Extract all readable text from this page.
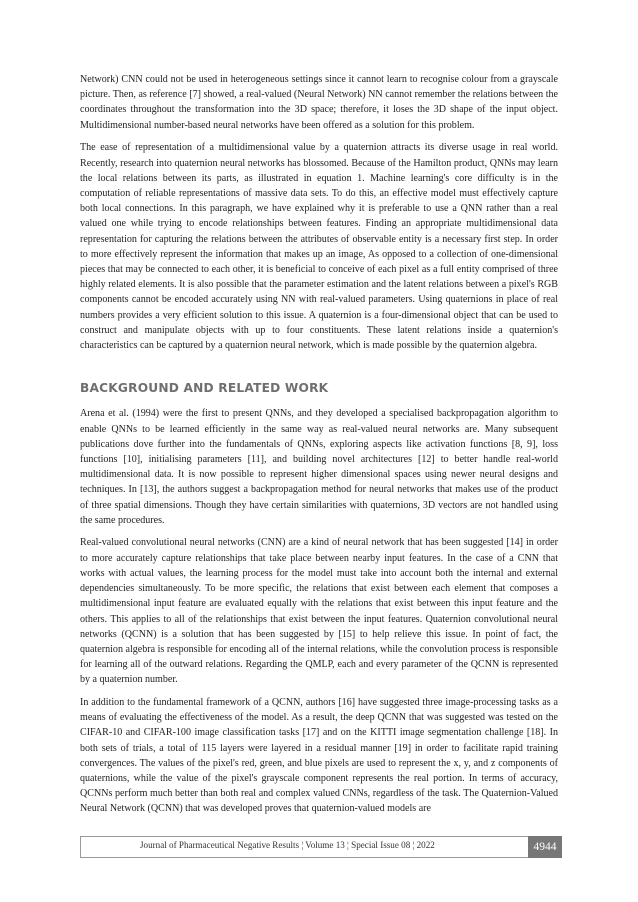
Network) CNN could not be used in heterogeneous settings since it cannot learn to recognise colour from a grayscale picture. Then, as reference [7] showed, a real-valued (Neural Network) NN cannot remember the relations between the coordinates throughout the transformation into the 3D space; therefore, it loses the 3D shape of the input object. Multidimensional number-based neural networks have been offered as a solution for this problem.

The ease of representation of a multidimensional value by a quaternion attracts its diverse usage in real world. Recently, research into quaternion neural networks has blossomed. Because of the Hamilton product, QNNs may learn the local relations between its parts, as illustrated in equation 1. Machine learning's core difficulty is in the computation of reliable representations of massive data sets. To do this, an effective model must effectively capture both local connections. In this paragraph, we have explained why it is preferable to use a QNN rather than a real valued one while trying to encode relationships between features. Finding an appropriate multidimensional data representation for capturing the relations between the attributes of observable entity is a necessary first step. In order to more effectively represent the information that makes up an image, As opposed to a collection of one-dimensional pieces that may be connected to each other, it is beneficial to conceive of each pixel as a full entity comprised of three highly related elements. It is also possible that the parameter estimation and the latent relations between a pixel's RGB components cannot be encoded accurately using NN with real-valued parameters. Using quaternions in place of real numbers provides a very efficient solution to this issue. A quaternion is a four-dimensional object that can be used to construct and manipulate objects with up to four constituents. These latent relations inside a quaternion's characteristics can be captured by a quaternion neural network, which is made possible by the quaternion algebra.

BACKGROUND AND RELATED WORK

Arena et al. (1994) were the first to present QNNs, and they developed a specialised backpropagation algorithm to enable QNNs to be learned efficiently in the same way as real-valued neural networks are. Many subsequent publications dove further into the fundamentals of QNNs, exploring aspects like activation functions [8, 9], loss functions [10], initialising parameters [11], and building novel architectures [12] to better handle real-world multidimensional data. It is now possible to represent higher dimensional spaces using newer neural designs and techniques. In [13], the authors suggest a backpropagation method for neural networks that makes use of the product of three spatial dimensions. Though they have certain similarities with quaternions, 3D vectors are not handled using the same procedures.

Real-valued convolutional neural networks (CNN) are a kind of neural network that has been suggested [14] in order to more accurately capture relationships that take place between nearby input features. In the case of a CNN that works with actual values, the learning process for the model must take into account both the internal and external dependencies simultaneously. To be more specific, the relations that exist between each element that composes a multidimensional input feature are evaluated equally with the relations that exist between this input feature and the others. This applies to all of the relationships that exist between the input features. Quaternion convolutional neural networks (QCNN) is a solution that has been suggested by [15] to help relieve this issue. In point of fact, the quaternion algebra is responsible for encoding all of the internal relations, while the convolution process is responsible for learning all of the outward relations. Regarding the QMLP, each and every parameter of the QCNN is represented by a quaternion number.

In addition to the fundamental framework of a QCNN, authors [16] have suggested three image-processing tasks as a means of evaluating the effectiveness of the model. As a result, the deep QCNN that was suggested was tested on the CIFAR-10 and CIFAR-100 image classification tasks [17] and on the KITTI image segmentation challenge [18]. In both sets of trials, a total of 115 layers were layered in a residual manner [19] in order to facilitate rapid training convergences. The values of the pixel's red, green, and blue pixels are used to represent the x, y, and z components of quaternions, while the value of the pixel's grayscale component represents the real portion. In terms of accuracy, QCNNs perform much better than both real and complex valued CNNs, regardless of the task. The Quaternion-Valued Neural Network (QCNN) that was developed proves that quaternion-valued models are

Journal of Pharmaceutical Negative Results ¦ Volume 13 ¦ Special Issue 08 ¦ 2022	4944
